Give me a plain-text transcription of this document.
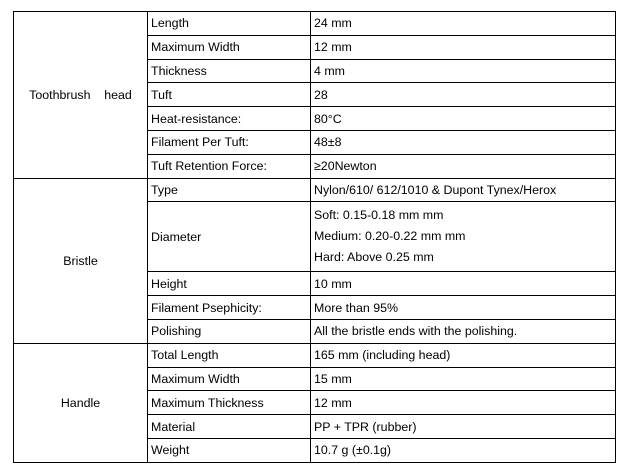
Toothbrush    head	Length	24 mm

	Maximum Width	12 mm

	Thickness	4 mm

	Tuft	28

	Heat-resistance:	80°C

	Filament Per Tuft:	48±8

	Tuft Retention Force:	≥20Newton

Bristle	Type	Nylon/610/ 612/1010 & Dupont Tynex/Herox

	Diameter	Soft: 0.15-0.18 mm mm
Medium: 0.20-0.22 mm mm
Hard: Above 0.25 mm

	Height	10 mm

	Filament Psephicity:	More than 95%

	Polishing	All the bristle ends with the polishing.

Handle	Total Length	165 mm (including head)

	Maximum Width	15 mm

	Maximum Thickness	12 mm

	Material	PP + TPR (rubber)

	Weight	10.7 g (±0.1g)
